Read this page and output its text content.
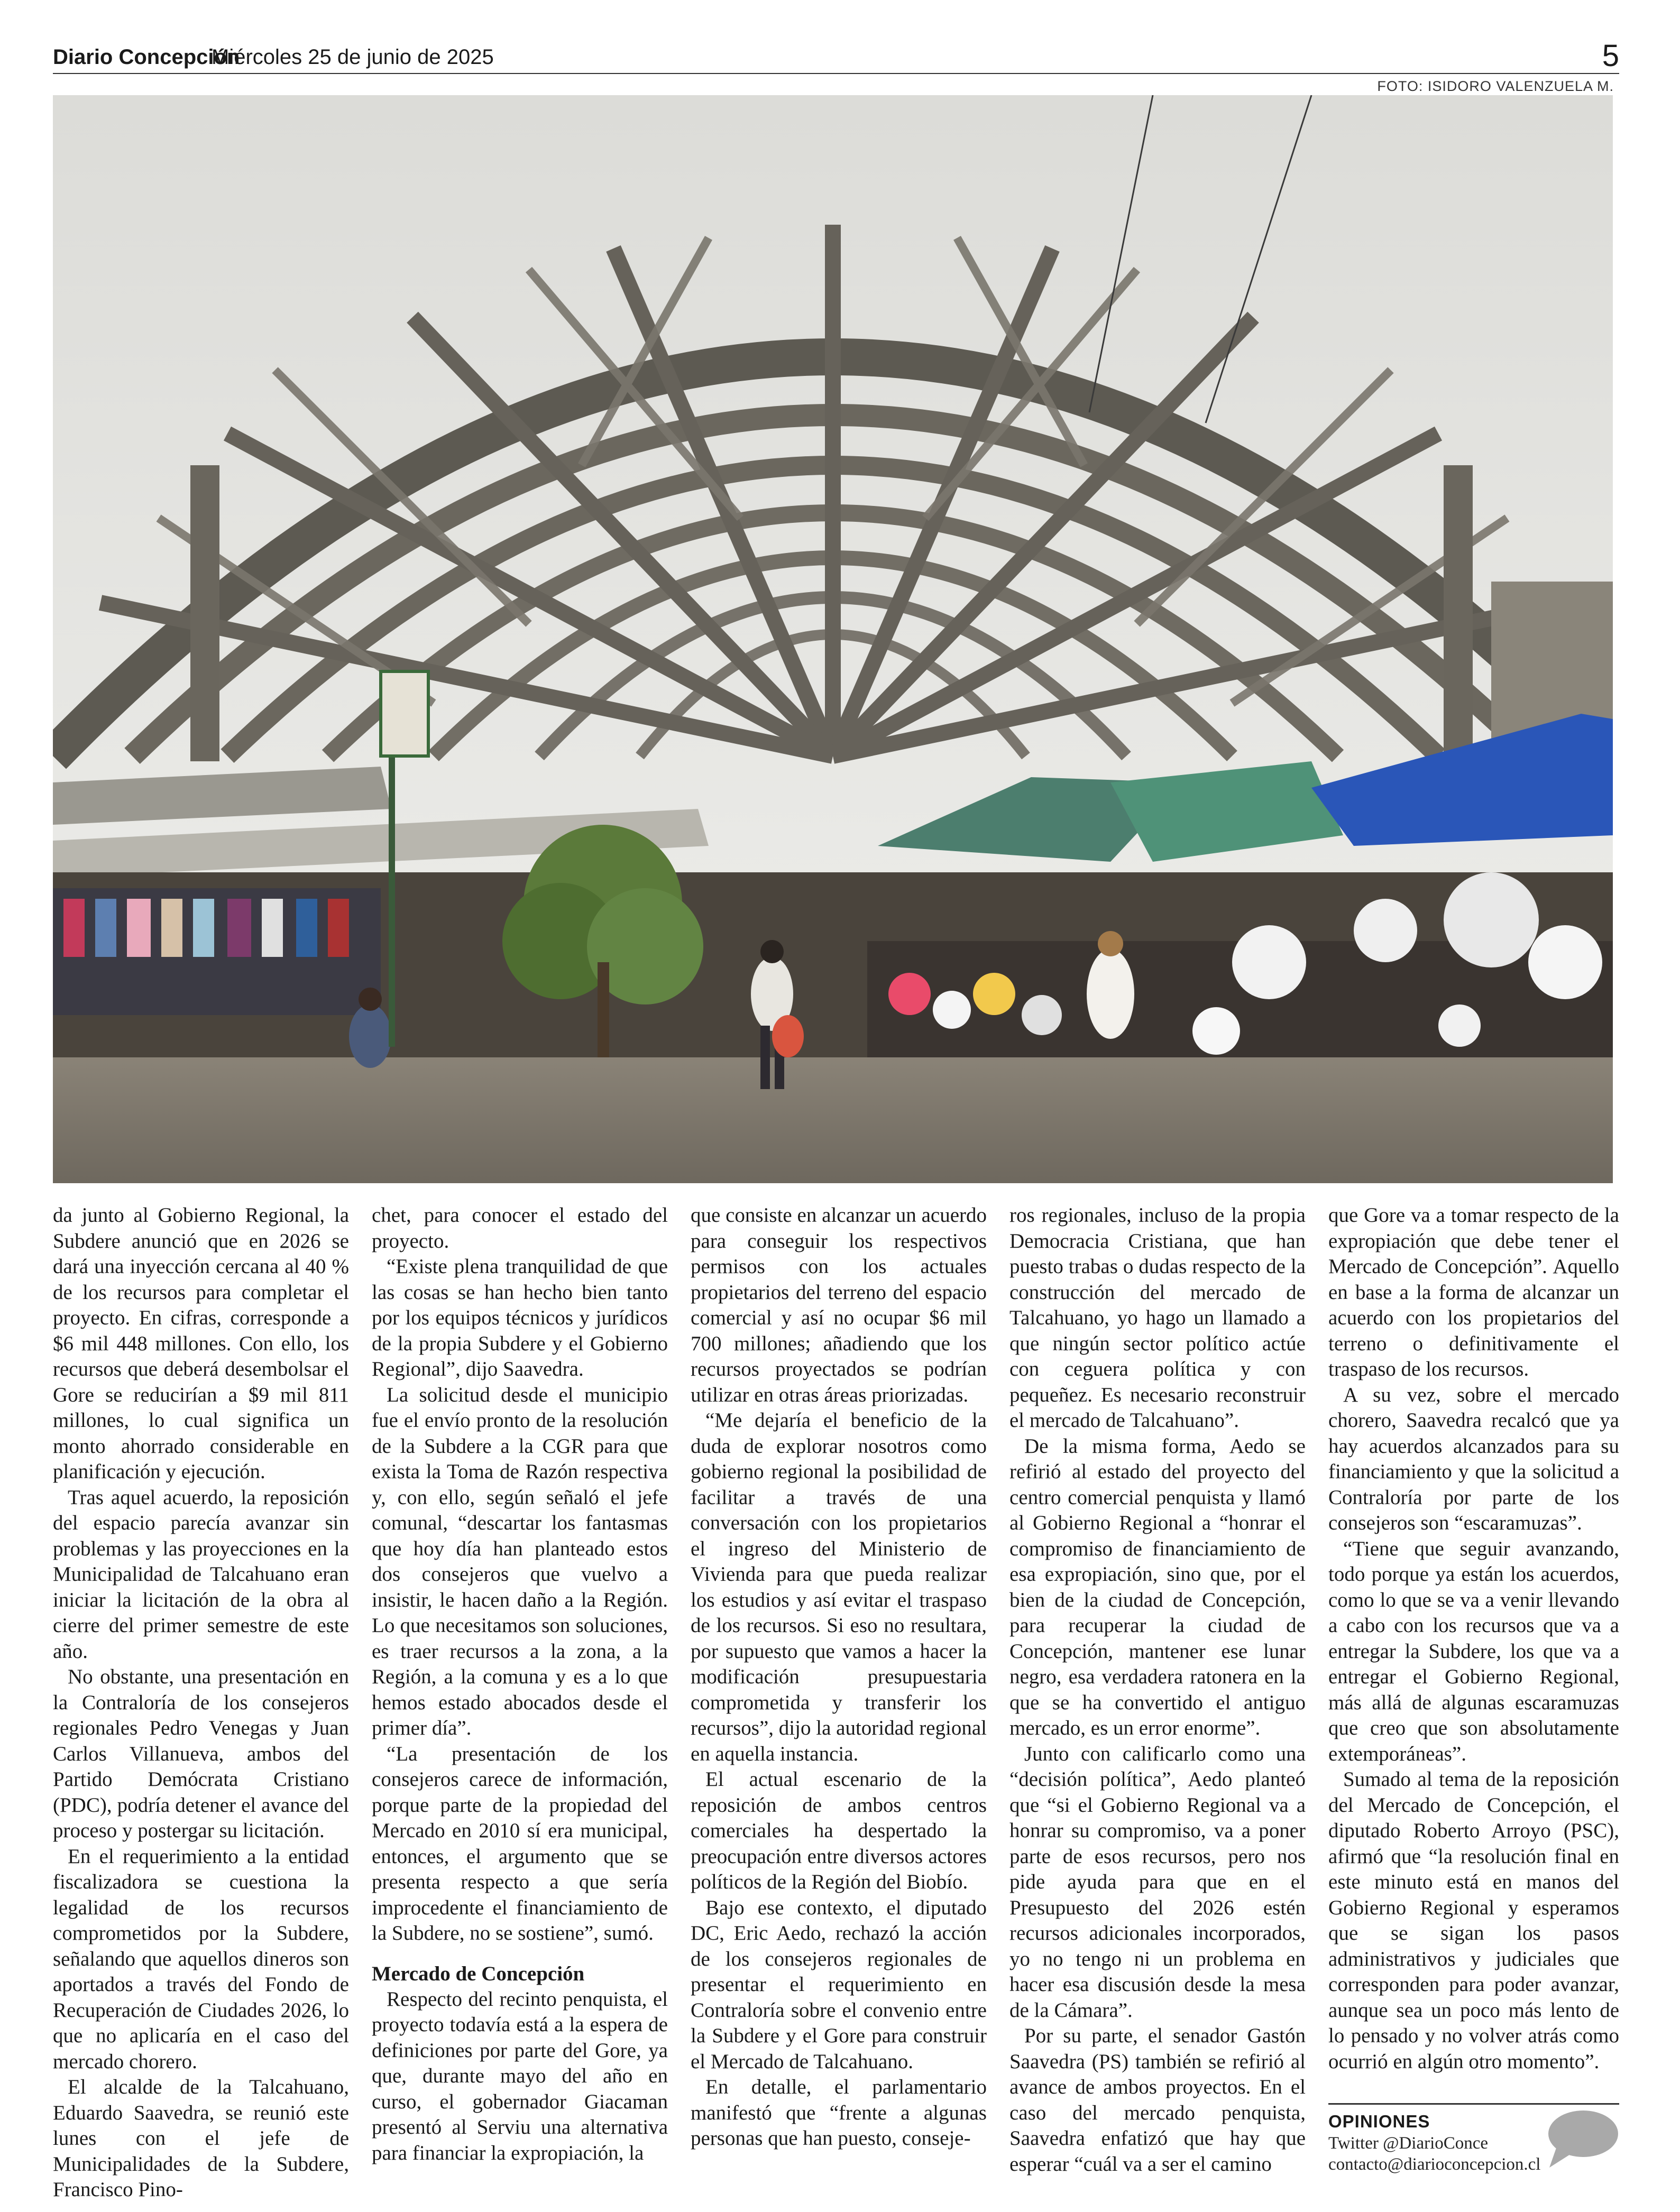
Diario Concepción
Miércoles 25 de junio de 2025	5
FOTO: ISIDORO VALENZUELA M.

da junto al Gobierno Regional, la Subdere anunció que en 2026 se dará una inyección cercana al 40 % de los recursos para completar el proyecto. En cifras, corresponde a $6 mil 448 millones. Con ello, los recursos que deberá desembolsar el Gore se reducirían a $9 mil 811 millones, lo cual significa un monto ahorrado considerable en planificación y ejecución.

Tras aquel acuerdo, la reposición del espacio parecía avanzar sin problemas y las proyecciones en la Municipalidad de Talcahuano eran iniciar la licitación de la obra al cierre del primer semestre de este año.

No obstante, una presentación en la Contraloría de los consejeros regionales Pedro Venegas y Juan Carlos Villanueva, ambos del Partido Demócrata Cristiano (PDC), podría detener el avance del proceso y postergar su licitación.

En el requerimiento a la entidad fiscalizadora se cuestiona la legalidad de los recursos comprometidos por la Subdere, señalando que aquellos dineros son aportados a través del Fondo de Recuperación de Ciudades 2026, lo que no aplicaría en el caso del mercado chorero.

El alcalde de la Talcahuano, Eduardo Saavedra, se reunió este lunes con el jefe de Municipalidades de la Subdere, Francisco Pino-

chet, para conocer el estado del proyecto.

“Existe plena tranquilidad de que las cosas se han hecho bien tanto por los equipos técnicos y jurídicos de la propia Subdere y el Gobierno Regional”, dijo Saavedra.

La solicitud desde el municipio fue el envío pronto de la resolución de la Subdere a la CGR para que exista la Toma de Razón respectiva y, con ello, según señaló el jefe comunal, “descartar los fantasmas que hoy día han planteado estos dos consejeros que vuelvo a insistir, le hacen daño a la Región. Lo que necesitamos son soluciones, es traer recursos a la zona, a la Región, a la comuna y es a lo que hemos estado abocados desde el primer día”.

“La presentación de los consejeros carece de información, porque parte de la propiedad del Mercado en 2010 sí era municipal, entonces, el argumento que se presenta respecto a que sería improcedente el financiamiento de la Subdere, no se sostiene”, sumó.

Mercado de Concepción

Respecto del recinto penquista, el proyecto todavía está a la espera de definiciones por parte del Gore, ya que, durante mayo del año en curso, el gobernador Giacaman presentó al Serviu una alternativa para financiar la expropiación, la

que consiste en alcanzar un acuerdo para conseguir los respectivos permisos con los actuales propietarios del terreno del espacio comercial y así no ocupar $6 mil 700 millones; añadiendo que los recursos proyectados se podrían utilizar en otras áreas priorizadas.

“Me dejaría el beneficio de la duda de explorar nosotros como gobierno regional la posibilidad de facilitar a través de una conversación con los propietarios el ingreso del Ministerio de Vivienda para que pueda realizar los estudios y así evitar el traspaso de los recursos. Si eso no resultara, por supuesto que vamos a hacer la modificación presupuestaria comprometida y transferir los recursos”, dijo la autoridad regional en aquella instancia.

El actual escenario de la reposición de ambos centros comerciales ha despertado la preocupación entre diversos actores políticos de la Región del Biobío.

Bajo ese contexto, el diputado DC, Eric Aedo, rechazó la acción de los consejeros regionales de presentar el requerimiento en Contraloría sobre el convenio entre la Subdere y el Gore para construir el Mercado de Talcahuano.

En detalle, el parlamentario manifestó que “frente a algunas personas que han puesto, conseje-

ros regionales, incluso de la propia Democracia Cristiana, que han puesto trabas o dudas respecto de la construcción del mercado de Talcahuano, yo hago un llamado a que ningún sector político actúe con ceguera política y con pequeñez. Es necesario reconstruir el mercado de Talcahuano”.

De la misma forma, Aedo se refirió al estado del proyecto del centro comercial penquista y llamó al Gobierno Regional a “honrar el compromiso de financiamiento de esa expropiación, sino que, por el bien de la ciudad de Concepción, para recuperar la ciudad de Concepción, mantener ese lunar negro, esa verdadera ratonera en la que se ha convertido el antiguo mercado, es un error enorme”.

Junto con calificarlo como una “decisión política”, Aedo planteó que “si el Gobierno Regional va a honrar su compromiso, va a poner parte de esos recursos, pero nos pide ayuda para que en el Presupuesto del 2026 estén recursos adicionales incorporados, yo no tengo ni un problema en hacer esa discusión desde la mesa de la Cámara”.

Por su parte, el senador Gastón Saavedra (PS) también se refirió al avance de ambos proyectos. En el caso del mercado penquista, Saavedra enfatizó que hay que esperar “cuál va a ser el camino

que Gore va a tomar respecto de la expropiación que debe tener el Mercado de Concepción”. Aquello en base a la forma de alcanzar un acuerdo con los propietarios del terreno o definitivamente el traspaso de los recursos.

A su vez, sobre el mercado chorero, Saavedra recalcó que ya hay acuerdos alcanzados para su financiamiento y que la solicitud a Contraloría por parte de los consejeros son “escaramuzas”.

“Tiene que seguir avanzando, todo porque ya están los acuerdos, como lo que se va a venir llevando a cabo con los recursos que va a entregar la Subdere, los que va a entregar el Gobierno Regional, más allá de algunas escaramuzas que creo que son absolutamente extemporáneas”.

Sumado al tema de la reposición del Mercado de Concepción, el diputado Roberto Arroyo (PSC), afirmó que “la resolución final en este minuto está en manos del Gobierno Regional y esperamos que se sigan los pasos administrativos y judiciales que corresponden para poder avanzar, aunque sea un poco más lento de lo pensado y no volver atrás como ocurrió en algún otro momento”.

OPINIONES
Twitter @DiarioConce
contacto@diarioconcepcion.cl
